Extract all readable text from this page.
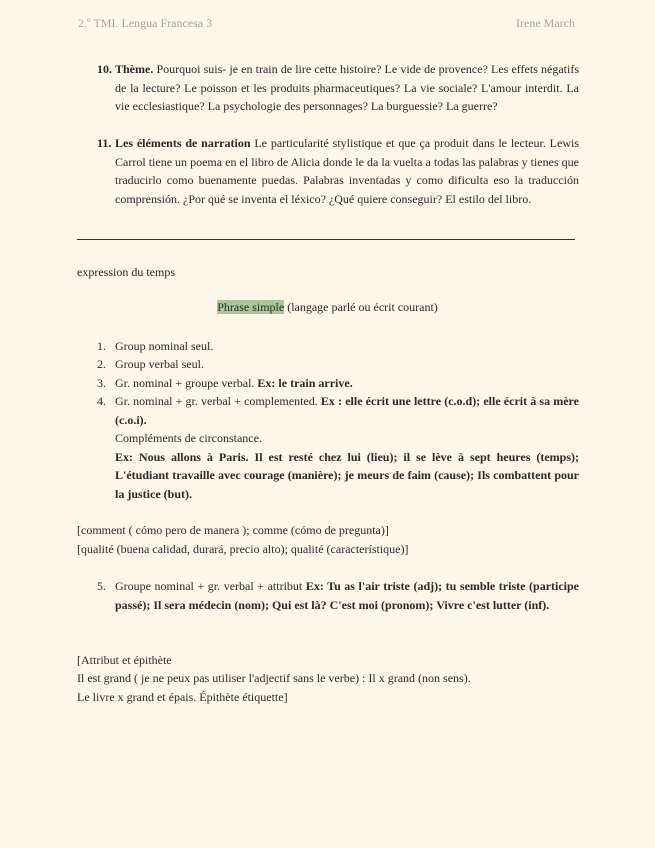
2.º TMI. Lengua Francesa 3	Irene March
10. Thème. Pourquoi suis- je en train de lire cette histoire? Le vide de provence? Les effets négatifs de la lecture? Le poisson et les produits pharmaceutiques? La vie sociale? L'amour interdit. La vie ecclesiastique? La psychologie des personnages? La burguessie? La guerre?
11. Les éléments de narration Le particularité stylistique et que ça produit dans le lecteur. Lewis Carrol tiene un poema en el libro de Alicia donde le da la vuelta a todas las palabras y tienes que traducirlo como buenamente puedas. Palabras inventadas y como dificulta eso la traducción comprensión. ¿Por qué se inventa el léxico? ¿Qué quiere conseguir? El estilo del libro.
expression du temps
Phrase simple (langage parlé ou écrit courant)
1. Group nominal seul.
2. Group verbal seul.
3. Gr. nominal + groupe verbal. Ex: le train arrive.
4. Gr. nominal + gr. verbal + complemented. Ex : elle écrit une lettre (c.o.d); elle écrit à sa mère (c.o.i).
Compléments de circonstance.
Ex: Nous allons à Paris. Il est resté chez lui (lieu); il se lève à sept heures (temps); L'étudiant travaille avec courage (manière); je meurs de faim (cause); Ils combattent pour la justice (but).
[comment ( cómo pero de manera ); comme (cómo de pregunta)]
[qualité (buena calidad, durará, precio alto); qualité (característique)]
5. Groupe nominal + gr. verbal + attribut Ex: Tu as l'air triste (adj); tu semble triste (participe passé); Il sera médecin (nom); Qui est là? C'est moi (pronom); Vivre c'est lutter (inf).
[Attribut et épithète
Il est grand ( je ne peux pas utiliser l'adjectif sans le verbe) : Il x grand (non sens).
Le livre x grand et épais. Épithète étiquette]
